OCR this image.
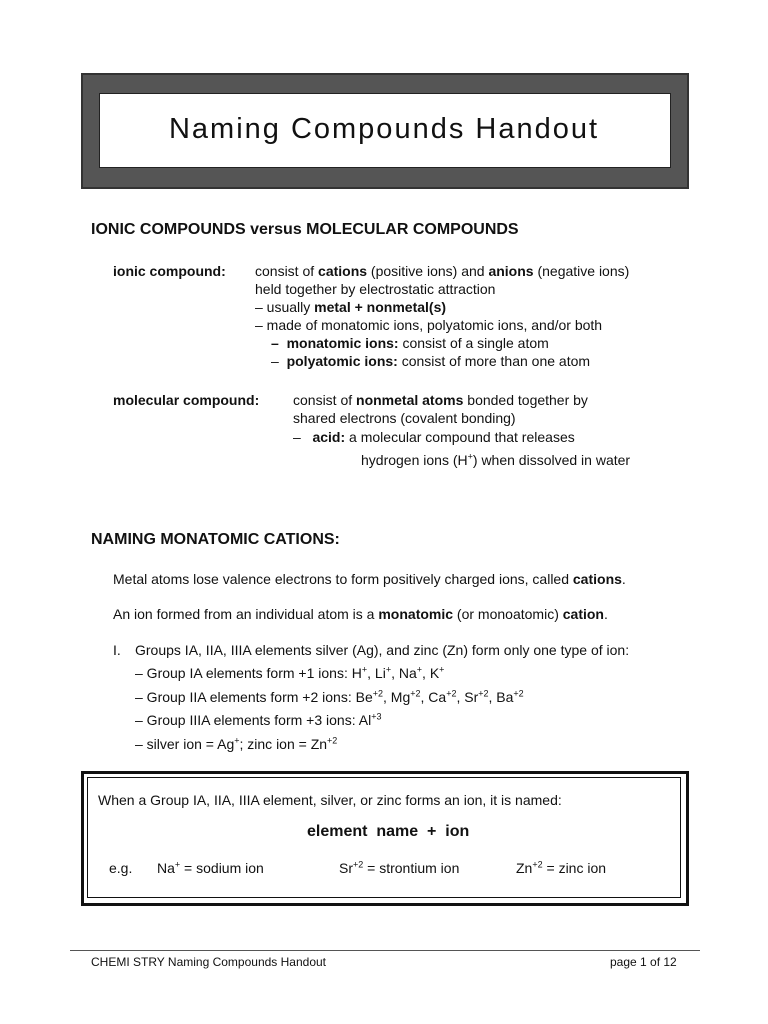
Naming Compounds Handout
IONIC COMPOUNDS versus MOLECULAR COMPOUNDS
ionic compound: consist of cations (positive ions) and anions (negative ions)
held together by electrostatic attraction
– usually metal + nonmetal(s)
– made of monatomic ions, polyatomic ions, and/or both
– monatomic ions: consist of a single atom
– polyatomic ions: consist of more than one atom
molecular compound: consist of nonmetal atoms bonded together by
shared electrons (covalent bonding)
– acid: a molecular compound that releases
hydrogen ions (H+) when dissolved in water
NAMING MONATOMIC CATIONS:
Metal atoms lose valence electrons to form positively charged ions, called cations.
An ion formed from an individual atom is a monatomic (or monoatomic) cation.
I. Groups IA, IIA, IIIA elements silver (Ag), and zinc (Zn) form only one type of ion:
– Group IA elements form +1 ions: H+, Li+, Na+, K+
– Group IIA elements form +2 ions: $Be^{+2}$, $Mg^{+2}$, $Ca^{+2}$, $Sr^{+2}$, $Ba^{+2}$
– Group IIIA elements form +3 ions: $Al^{+3}$
– silver ion = Ag+; zinc ion = $Zn^{+2}$
When a Group IA, IIA, IIIA element, silver, or zinc forms an ion, it is named:
element  name  +  ion
e.g. Na+ = sodium ion	$Sr^{+2}$ = strontium ion	$Zn^{+2}$ = zinc ion
CHEMI STRY Naming Compounds Handout	page 1 of 12
